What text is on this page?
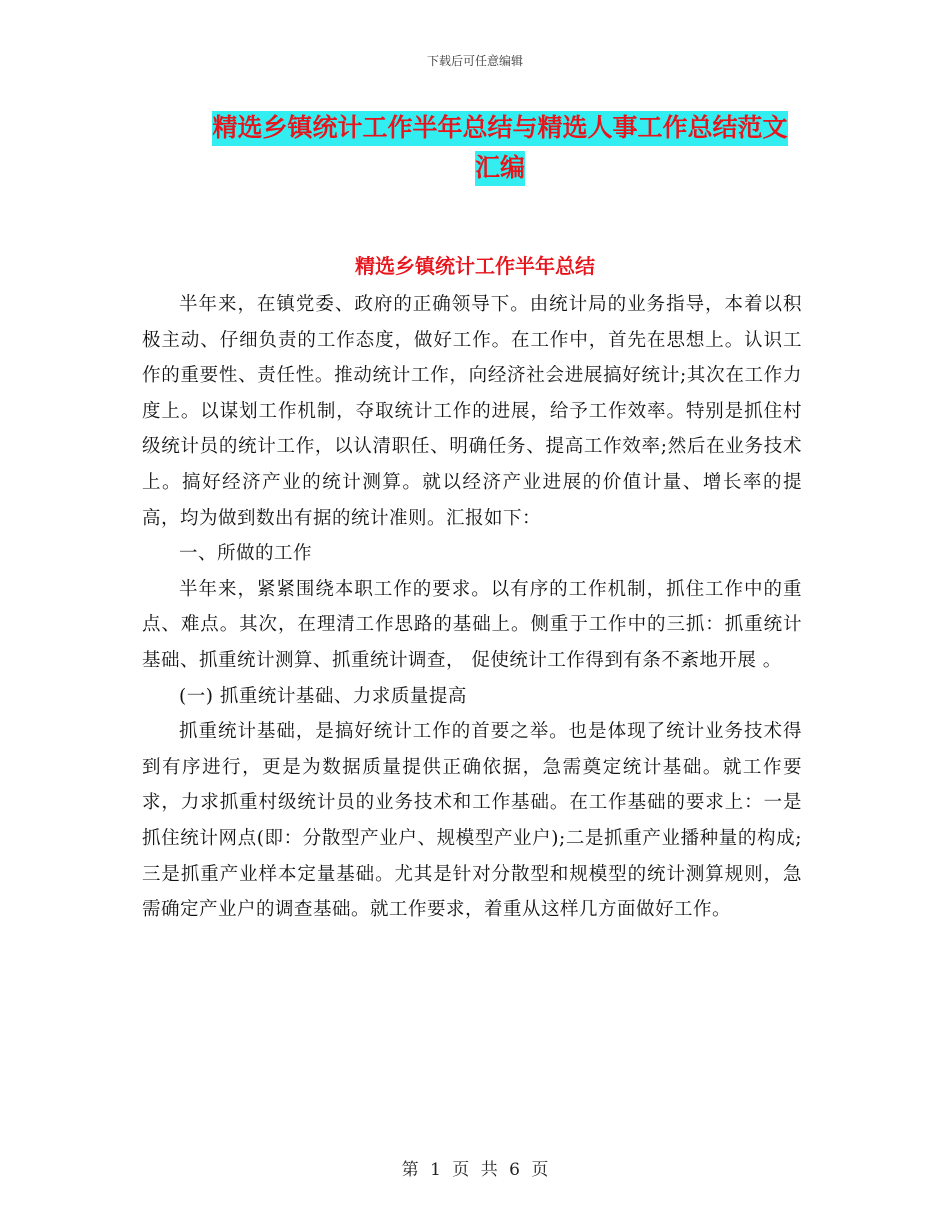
下载后可任意编辑
精选乡镇统计工作半年总结与精选人事工作总结范文
汇编
精选乡镇统计工作半年总结

半年来，在镇党委、政府的正确领导下。由统计局的业务指导，本着以积极主动、仔细负责的工作态度，做好工作。在工作中，首先在思想上。认识工作的重要性、责任性。推动统计工作，向经济社会进展搞好统计;其次在工作力度上。以谋划工作机制，夺取统计工作的进展，给予工作效率。特别是抓住村级统计员的统计工作，以认清职任、明确任务、提高工作效率;然后在业务技术上。搞好经济产业的统计测算。就以经济产业进展的价值计量、增长率的提高，均为做到数出有据的统计准则。汇报如下：

一、所做的工作

半年来，紧紧围绕本职工作的要求。以有序的工作机制，抓住工作中的重点、难点。其次，在理清工作思路的基础上。侧重于工作中的三抓：抓重统计基础、抓重统计测算、抓重统计调查， 促使统计工作得到有条不紊地开展 。

(一) 抓重统计基础、力求质量提高

抓重统计基础，是搞好统计工作的首要之举。也是体现了统计业务技术得到有序进行，更是为数据质量提供正确依据，急需奠定统计基础。就工作要求，力求抓重村级统计员的业务技术和工作基础。在工作基础的要求上：一是抓住统计网点(即：分散型产业户、规模型产业户);二是抓重产业播种量的构成;三是抓重产业样本定量基础。尤其是针对分散型和规模型的统计测算规则，急需确定产业户的调查基础。就工作要求，着重从这样几方面做好工作。

第 1 页 共 6 页
